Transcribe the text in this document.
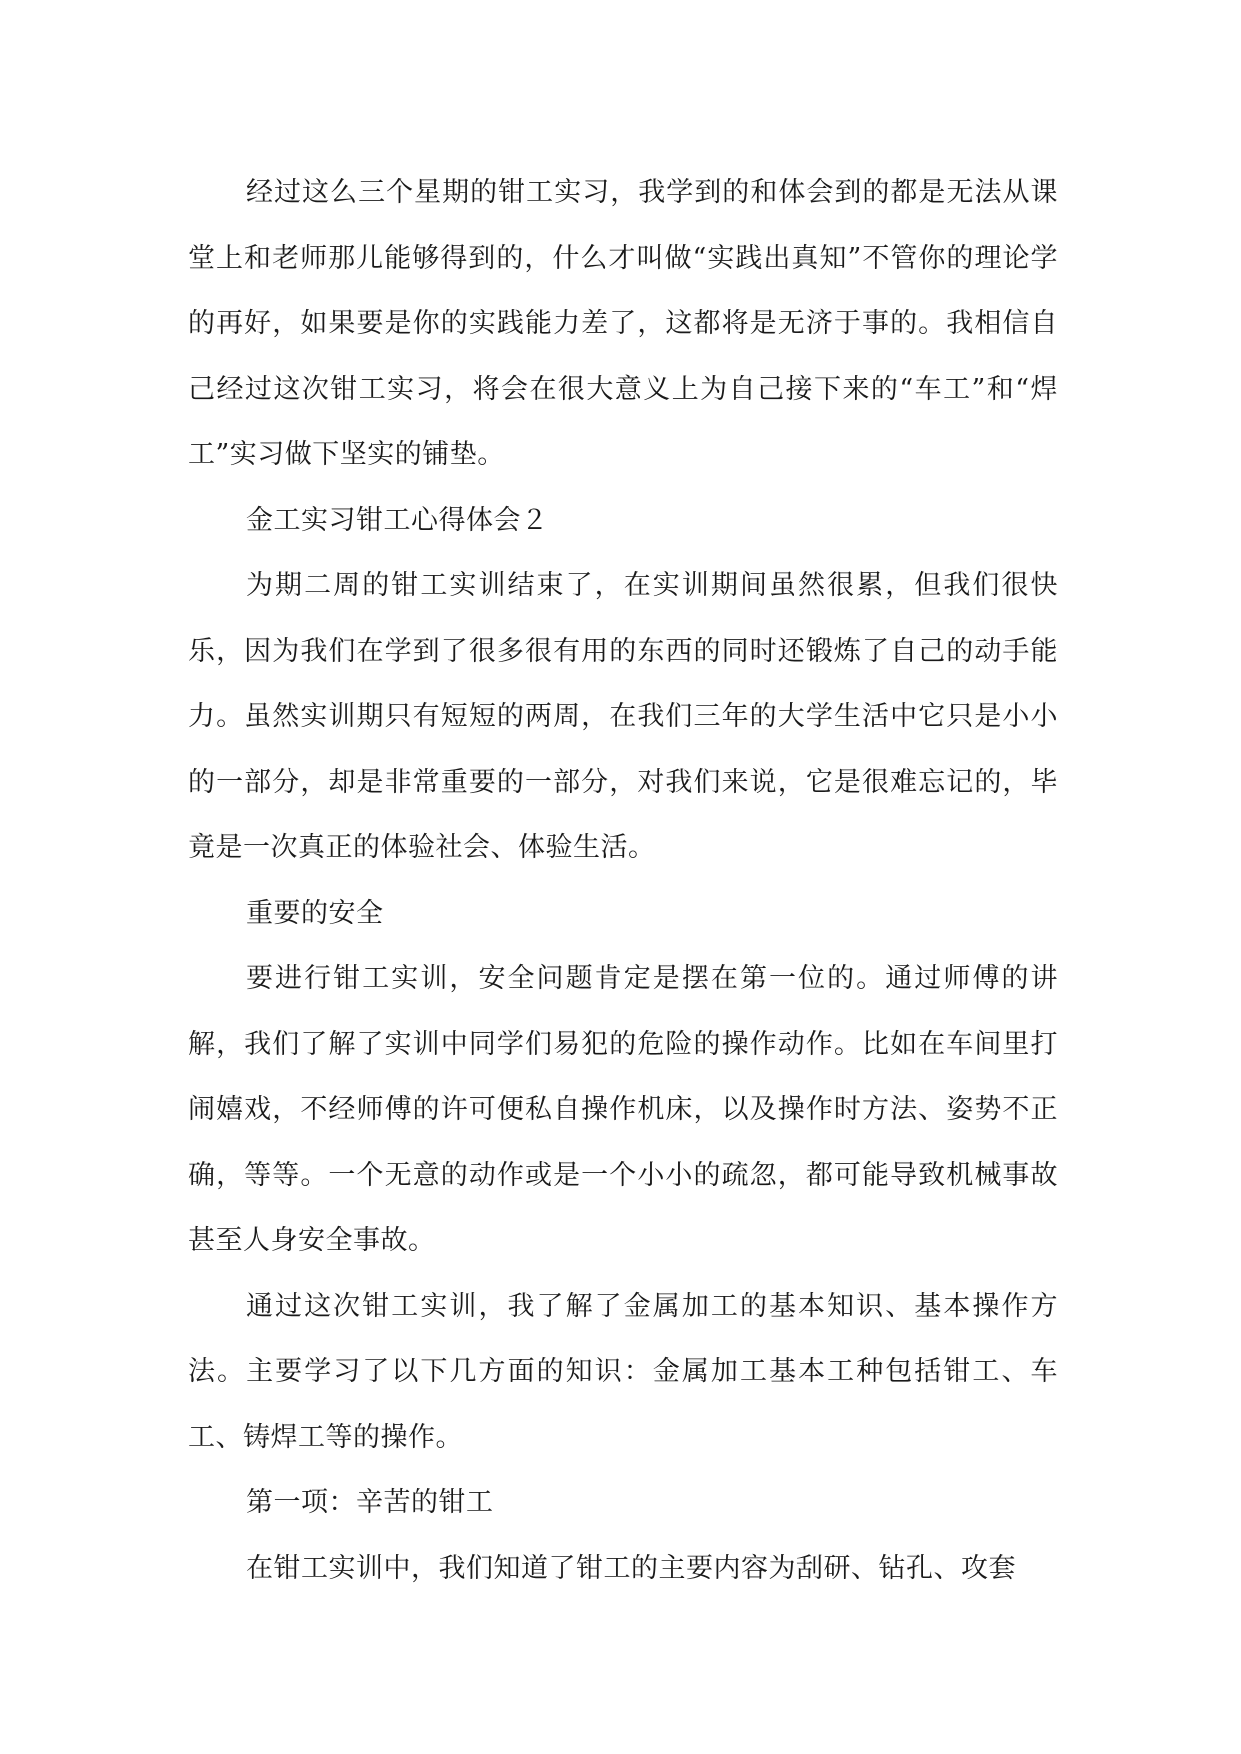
经过这么三个星期的钳工实习，我学到的和体会到的都是无法从课堂上和老师那儿能够得到的，什么才叫做“实践出真知”不管你的理论学的再好，如果要是你的实践能力差了，这都将是无济于事的。我相信自己经过这次钳工实习，将会在很大意义上为自己接下来的“车工”和“焊工”实习做下坚实的铺垫。

金工实习钳工心得体会２

为期二周的钳工实训结束了，在实训期间虽然很累，但我们很快乐，因为我们在学到了很多很有用的东西的同时还锻炼了自己的动手能力。虽然实训期只有短短的两周，在我们三年的大学生活中它只是小小的一部分，却是非常重要的一部分，对我们来说，它是很难忘记的，毕竟是一次真正的体验社会、体验生活。

重要的安全

要进行钳工实训，安全问题肯定是摆在第一位的。通过师傅的讲解，我们了解了实训中同学们易犯的危险的操作动作。比如在车间里打闹嬉戏，不经师傅的许可便私自操作机床，以及操作时方法、姿势不正确，等等。一个无意的动作或是一个小小的疏忽，都可能导致机械事故甚至人身安全事故。

通过这次钳工实训，我了解了金属加工的基本知识、基本操作方法。主要学习了以下几方面的知识：金属加工基本工种包括钳工、车工、铸焊工等的操作。

第一项：辛苦的钳工

在钳工实训中，我们知道了钳工的主要内容为刮研、钻孔、攻套
